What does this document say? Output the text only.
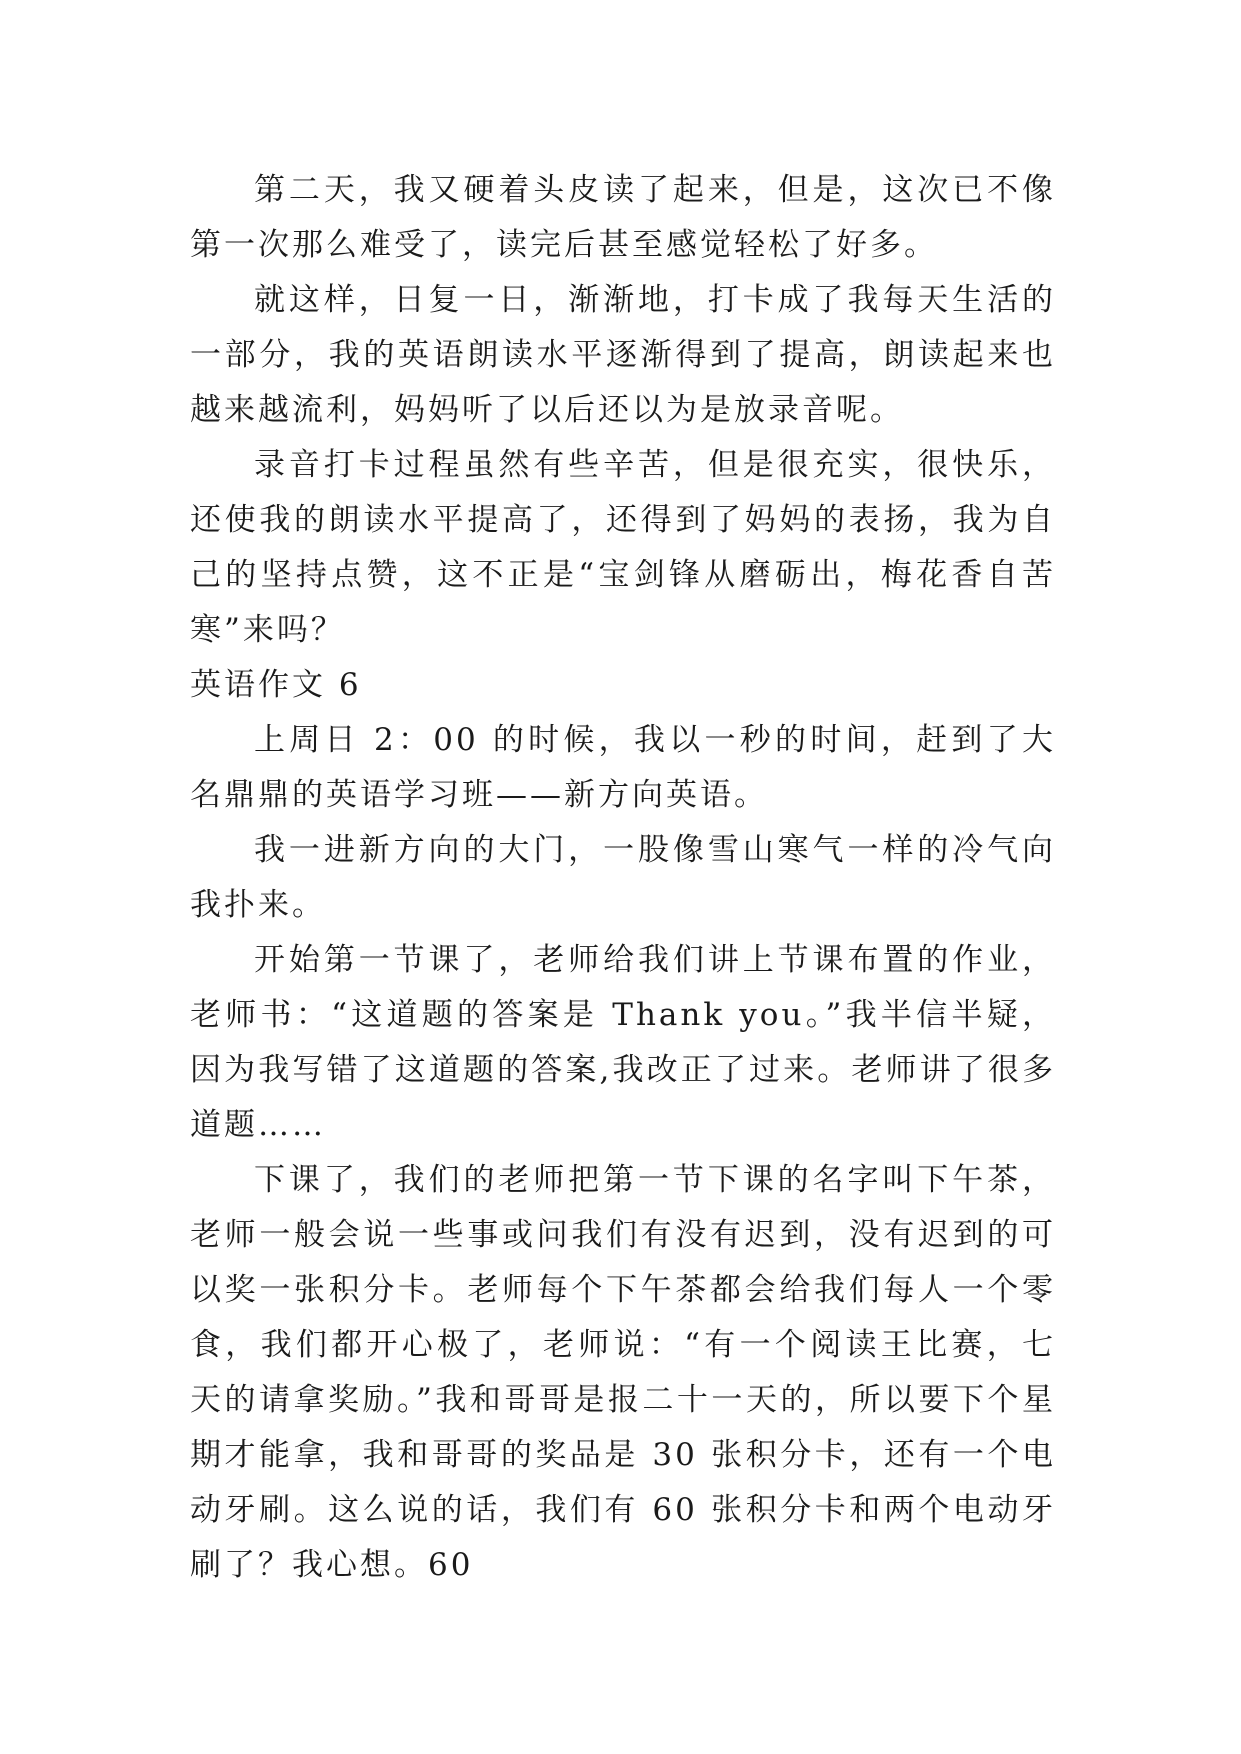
第二天，我又硬着头皮读了起来，但是，这次已不像第一次那么难受了，读完后甚至感觉轻松了好多。

就这样，日复一日，渐渐地，打卡成了我每天生活的一部分，我的英语朗读水平逐渐得到了提高，朗读起来也越来越流利，妈妈听了以后还以为是放录音呢。

录音打卡过程虽然有些辛苦，但是很充实，很快乐，还使我的朗读水平提高了，还得到了妈妈的表扬，我为自己的坚持点赞，这不正是“宝剑锋从磨砺出，梅花香自苦寒”来吗？

英语作文 6

上周日 2：00 的时候，我以一秒的时间，赶到了大名鼎鼎的英语学习班——新方向英语。

我一进新方向的大门，一股像雪山寒气一样的冷气向我扑来。

开始第一节课了，老师给我们讲上节课布置的作业，老师书：“这道题的答案是 Thank you。”我半信半疑，因为我写错了这道题的答案,我改正了过来。老师讲了很多道题……

下课了，我们的老师把第一节下课的名字叫下午茶，老师一般会说一些事或问我们有没有迟到，没有迟到的可以奖一张积分卡。老师每个下午茶都会给我们每人一个零食，我们都开心极了，老师说：“有一个阅读王比赛，七天的请拿奖励。”我和哥哥是报二十一天的，所以要下个星期才能拿，我和哥哥的奖品是 30 张积分卡，还有一个电动牙刷。这么说的话，我们有 60 张积分卡和两个电动牙刷了？我心想。60
